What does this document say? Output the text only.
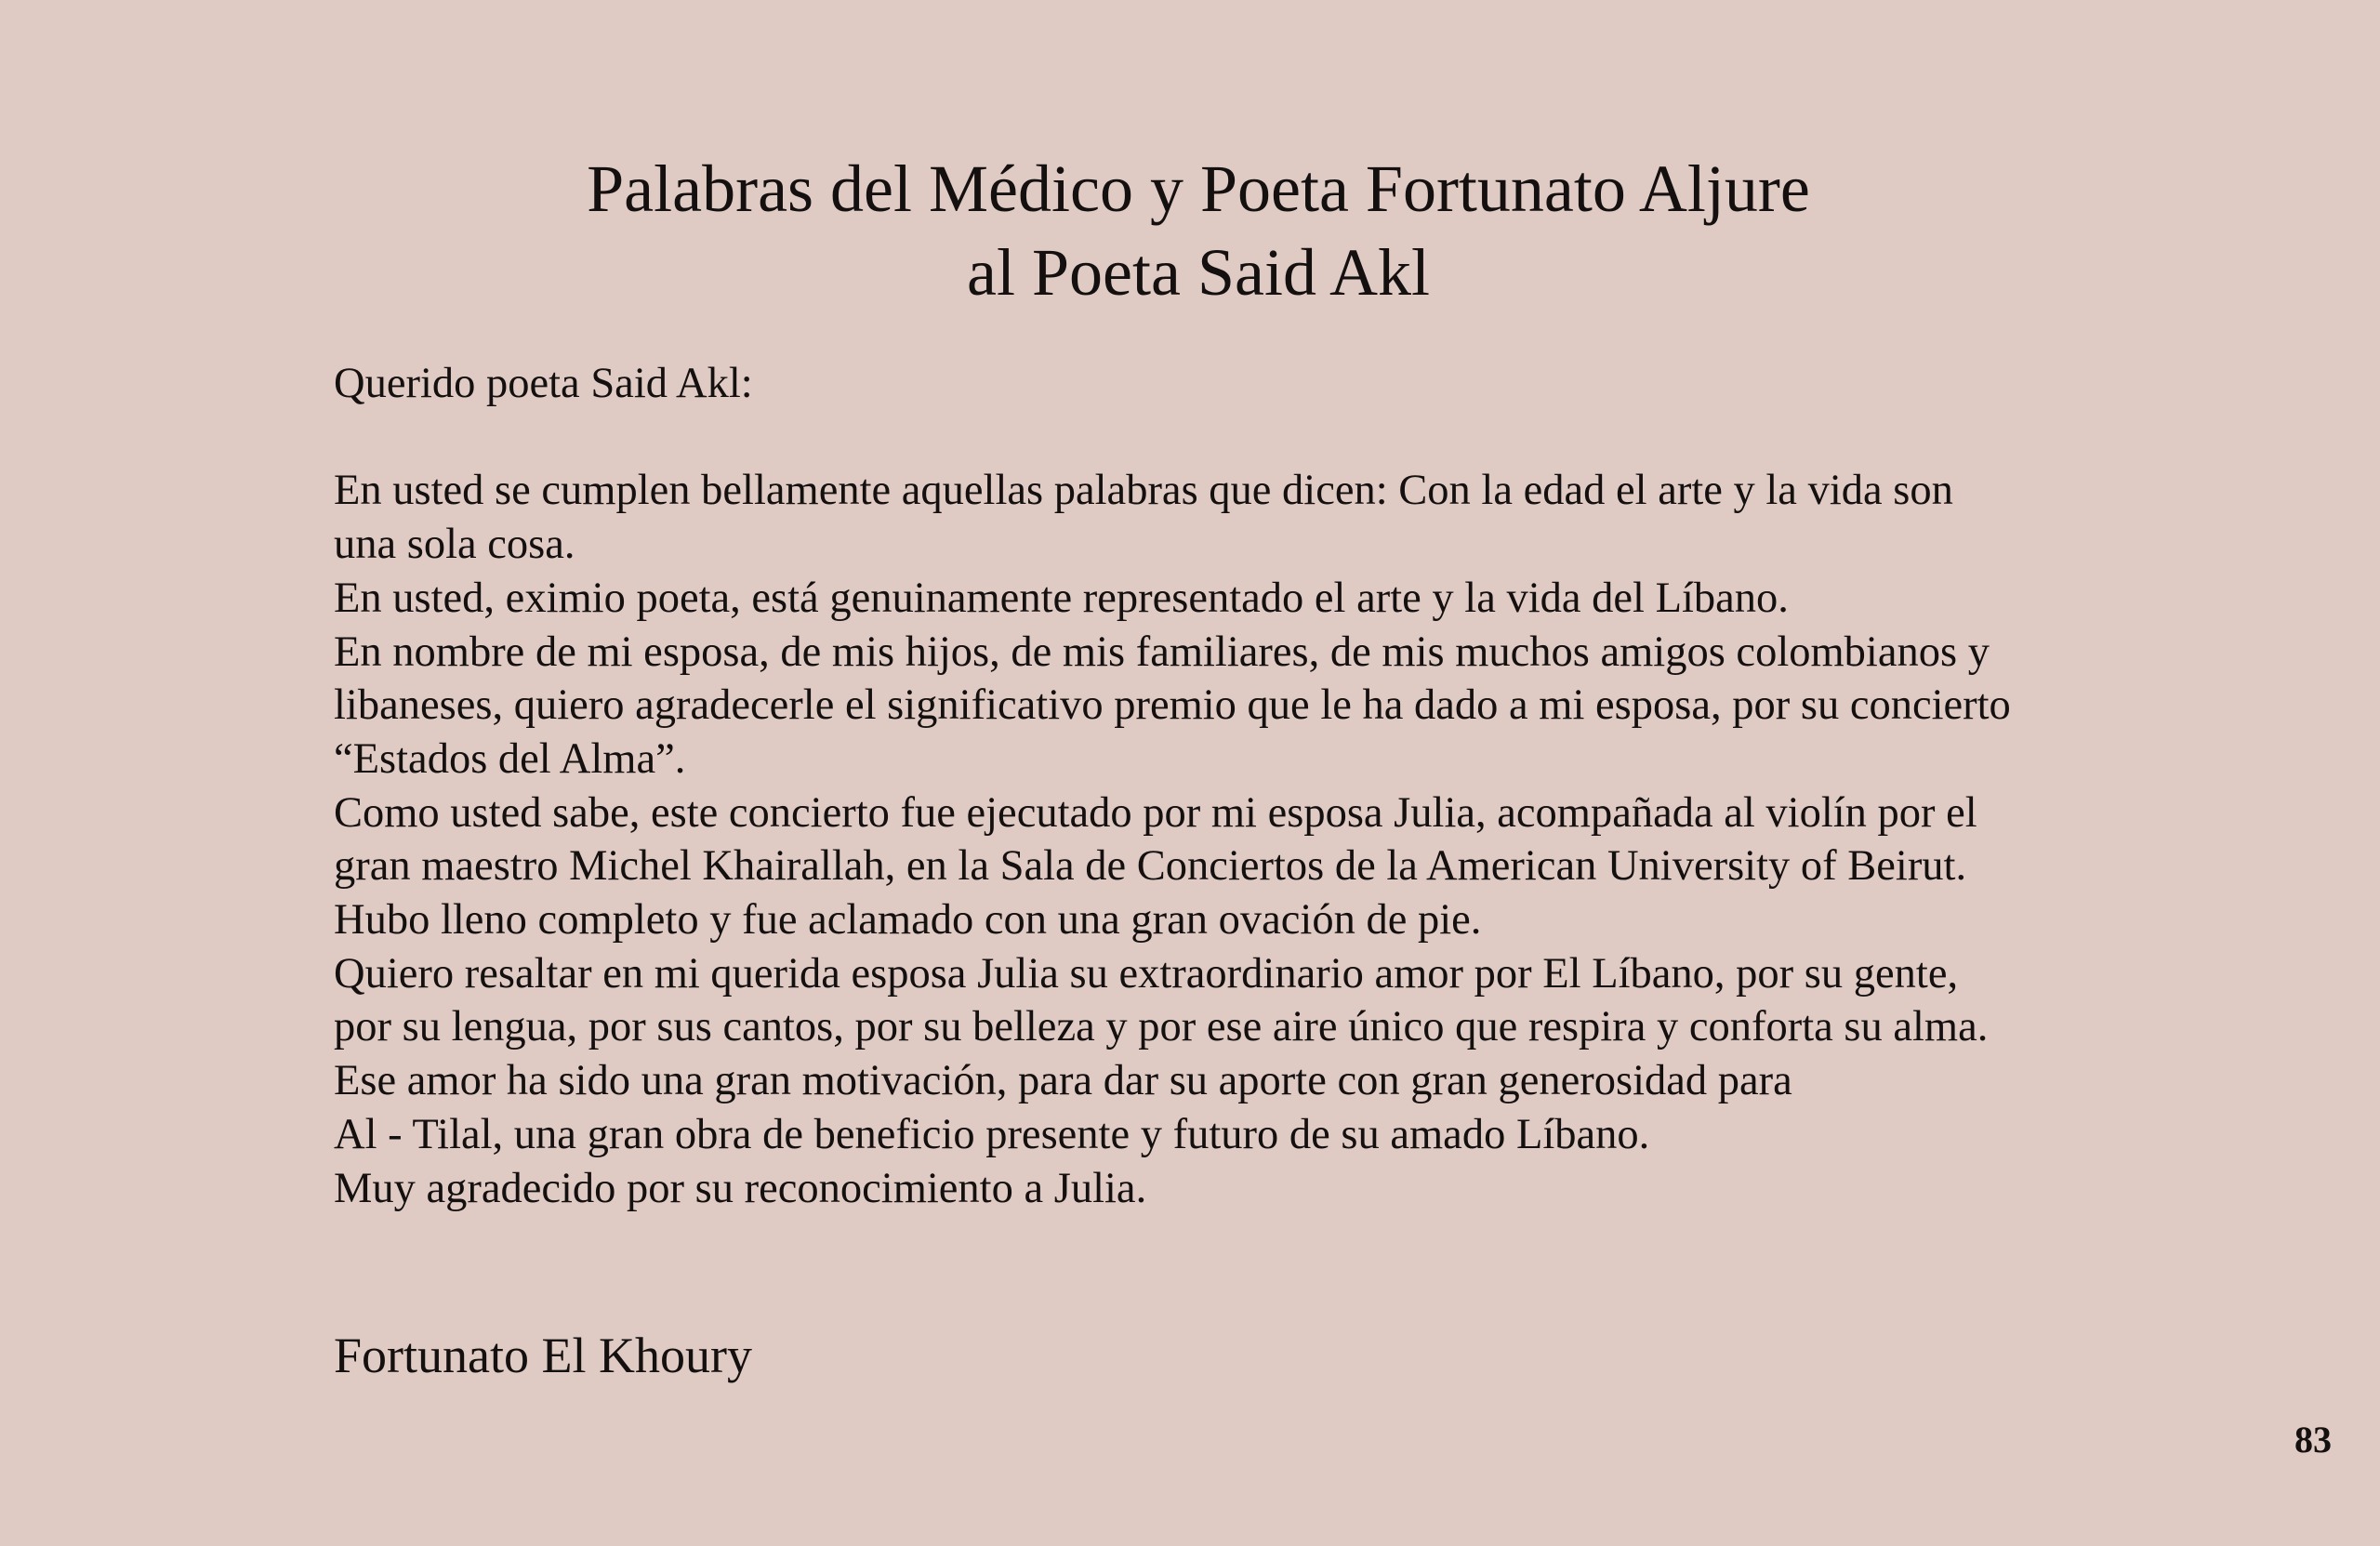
Palabras del Médico y Poeta Fortunato Aljure
al Poeta Said Akl
Querido poeta Said Akl:
En usted se cumplen bellamente aquellas palabras que dicen: Con la edad el arte y la vida son
una sola cosa.
En usted, eximio poeta, está genuinamente representado el arte y la vida del Líbano.
En nombre de mi esposa, de mis hijos, de mis familiares, de mis muchos amigos colombianos y
libaneses, quiero agradecerle el significativo premio que le ha dado a mi esposa, por su concierto
“Estados del Alma”.
Como usted sabe, este concierto fue ejecutado por mi esposa Julia, acompañada al violín por el
gran maestro Michel Khairallah, en la Sala de Conciertos de la American University of Beirut.
Hubo lleno completo y fue aclamado con una gran ovación de pie.
Quiero resaltar en mi querida esposa Julia su extraordinario amor por El Líbano, por su gente,
por su lengua, por sus cantos, por su belleza y por ese aire único que respira y conforta su alma.
Ese amor ha sido una gran motivación, para dar su aporte con gran generosidad para
Al - Tilal, una gran obra de beneficio presente y futuro de su amado Líbano.
Muy agradecido por su reconocimiento a Julia.
Fortunato El Khoury
83
